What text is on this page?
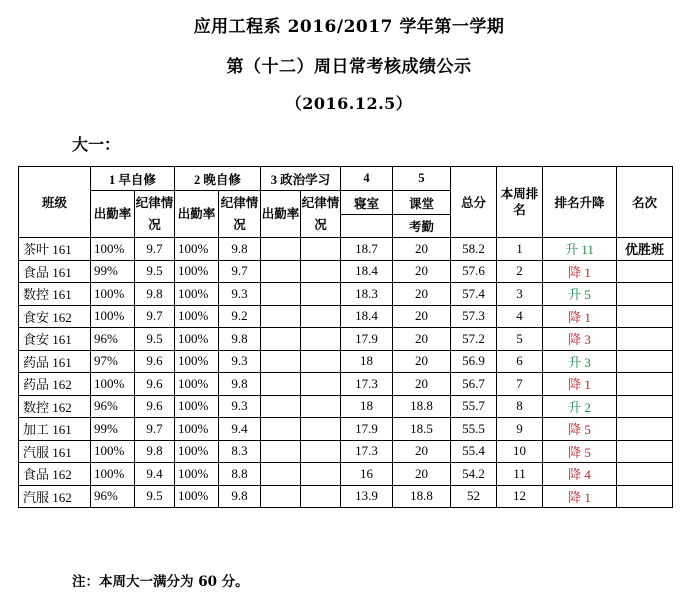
应用工程系 2016/2017 学年第一学期
第（十二）周日常考核成绩公示
（2016.12.5）
大一：
班级	1 早自修		2 晚自修		3 政治学习		4	5	总分	本周排名	排名升降	名次
	出勤率	纪律情况	出勤率	纪律情况	出勤率	纪律情况	寝室	课堂				
								考勤				
茶叶 161	100%	9.7	100%	9.8			18.7	20	58.2	1	升 11	优胜班
食品 161	99%	9.5	100%	9.7			18.4	20	57.6	2	降 1	
数控 161	100%	9.8	100%	9.3			18.3	20	57.4	3	升 5	
食安 162	100%	9.7	100%	9.2			18.4	20	57.3	4	降 1	
食安 161	96%	9.5	100%	9.8			17.9	20	57.2	5	降 3	
药品 161	97%	9.6	100%	9.3			18	20	56.9	6	升 3	
药品 162	100%	9.6	100%	9.8			17.3	20	56.7	7	降 1	
数控 162	96%	9.6	100%	9.3			18	18.8	55.7	8	升 2	
加工 161	99%	9.7	100%	9.4			17.9	18.5	55.5	9	降 5	
汽服 161	100%	9.8	100%	8.3			17.3	20	55.4	10	降 5	
食品 162	100%	9.4	100%	8.8			16	20	54.2	11	降 4	
汽服 162	96%	9.5	100%	9.8			13.9	18.8	52	12	降 1	
注：本周大一满分为 60 分。
